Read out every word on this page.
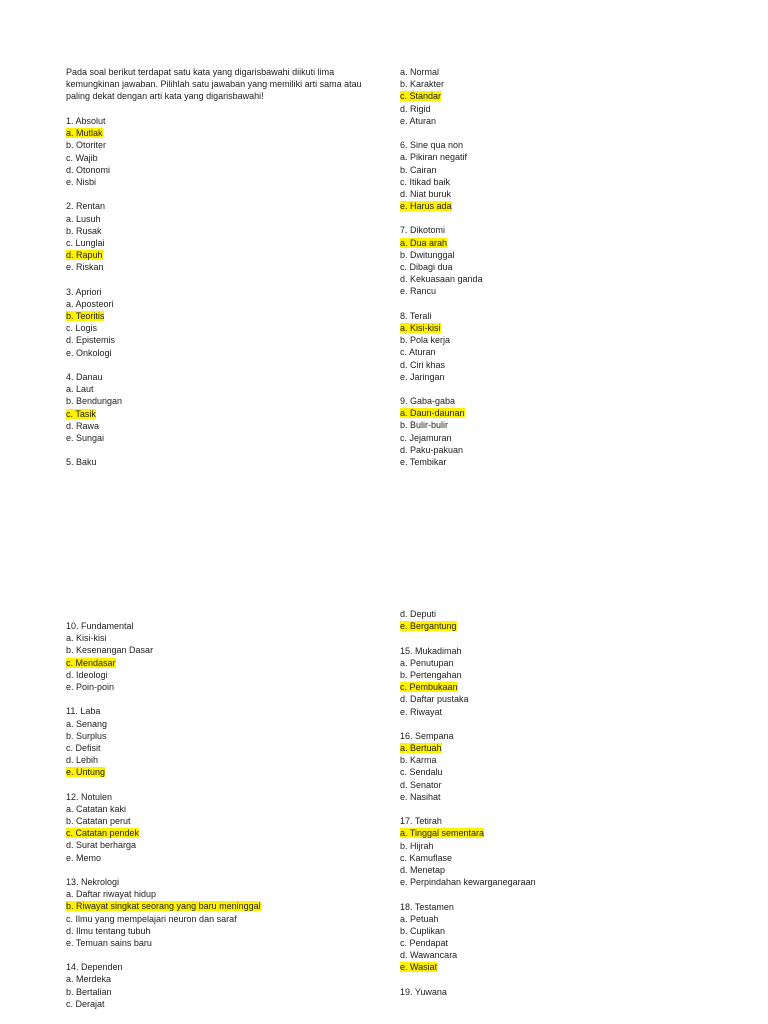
Pada soal berikut terdapat satu kata yang digarisbawahi diikuti lima
kemungkinan jawaban. Pilihlah satu jawaban yang memiliki arti sama atau
paling dekat dengan arti kata yang digarisbawahi!
1. Absolut
a. Mutlak
b. Otoriter
c. Wajib
d. Otonomi
e. Nisbi
2. Rentan
a. Lusuh
b. Rusak
c. Lunglai
d. Rapuh
e. Riskan
3. Apriori
a. Aposteori
b. Teoritis
c. Logis
d. Epistemis
e. Onkologi
4. Danau
a. Laut
b. Bendungan
c. Tasik
d. Rawa
e. Sungai
5. Baku
a. Normal
b. Karakter
c. Standar
d. Rigid
e. Aturan
6. Sine qua non
a. Pikiran negatif
b. Cairan
c. Itikad baik
d. Niat buruk
e. Harus ada
7. Dikotomi
a. Dua arah
b. Dwitunggal
c. Dibagi dua
d. Kekuasaan ganda
e. Rancu
8. Terali
a. Kisi-kisi
b. Pola kerja
c. Aturan
d. Ciri khas
e. Jaringan
9. Gaba-gaba
a. Daun-daunan
b. Bulir-bulir
c. Jejamuran
d. Paku-pakuan
e. Tembikar
10. Fundamental
a. Kisi-kisi
b. Kesenangan Dasar
c. Mendasar
d. Ideologi
e. Poin-poin
11. Laba
a. Senang
b. Surplus
c. Defisit
d. Lebih
e. Untung
12. Notulen
a. Catatan kaki
b. Catatan perut
c. Catatan pendek
d. Surat berharga
e. Memo
13. Nekrologi
a. Daftar riwayat hidup
b. Riwayat singkat seorang yang baru meninggal
c. Ilmu yang mempelajari neuron dan saraf
d. Ilmu tentang tubuh
e. Temuan sains baru
14. Dependen
a. Merdeka
b. Bertalian
c. Derajat
d. Deputi
e. Bergantung
15. Mukadimah
a. Penutupan
b. Pertengahan
c. Pembukaan
d. Daftar pustaka
e. Riwayat
16. Sempana
a. Bertuah
b. Karma
c. Sendalu
d. Senator
e. Nasihat
17. Tetirah
a. Tinggal sementara
b. Hijrah
c. Kamuflase
d. Menetap
e. Perpindahan kewarganegaraan
18. Testamen
a. Petuah
b. Cuplikan
c. Pendapat
d. Wawancara
e. Wasiat
19. Yuwana
